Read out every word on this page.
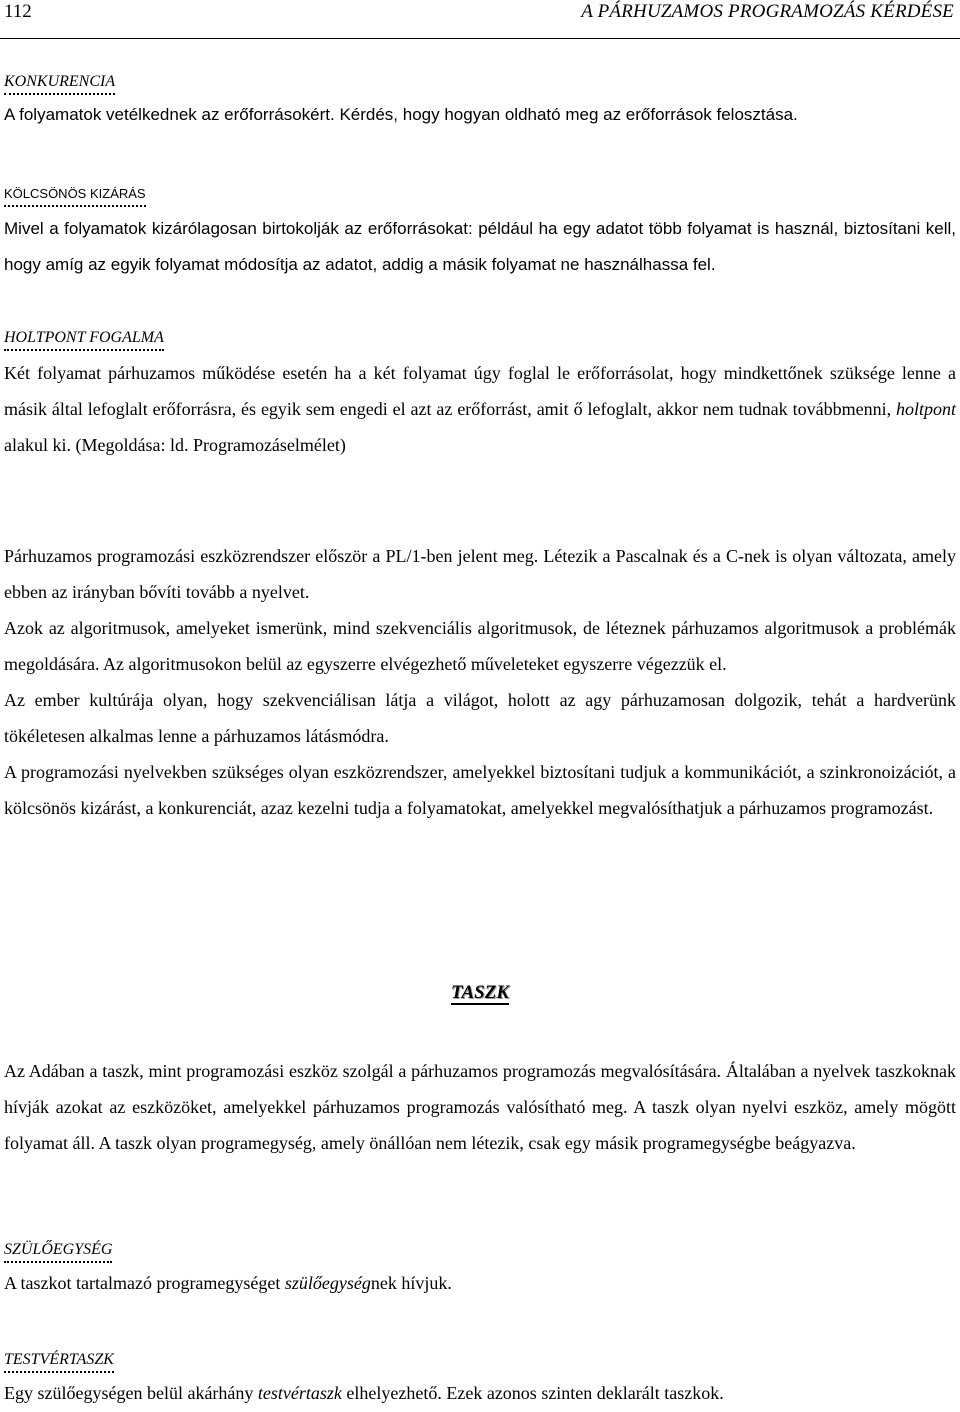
112	A PÁRHUZAMOS PROGRAMOZÁS KÉRDÉSE
KONKURENCIA

A folyamatok vetélkednek az erőforrásokért. Kérdés, hogy hogyan oldható meg az erőforrások felosztása.

KÖLCSÖNÖS KIZÁRÁS

Mivel a folyamatok kizárólagosan birtokolják az erőforrásokat: például ha egy adatot több folyamat is használ, biztosítani kell, hogy amíg az egyik folyamat módosítja az adatot, addig a másik folyamat ne használhassa fel.

HOLTPONT FOGALMA

Két folyamat párhuzamos működése esetén ha a két folyamat úgy foglal le erőforrásolat, hogy mindkettőnek szüksége lenne a másik által lefoglalt erőforrásra, és egyik sem engedi el azt az erőforrást, amit ő lefoglalt, akkor nem tudnak továbbmenni, holtpont alakul ki. (Megoldása: ld. Programozáselmélet)

Párhuzamos programozási eszközrendszer először a PL/1-ben jelent meg. Létezik a Pascalnak és a C-nek is olyan változata, amely ebben az irányban bővíti tovább a nyelvet.

Azok az algoritmusok, amelyeket ismerünk, mind szekvenciális algoritmusok, de léteznek párhuzamos algoritmusok a problémák megoldására. Az algoritmusokon belül az egyszerre elvégezhető műveleteket egyszerre végezzük el.

Az ember kultúrája olyan, hogy szekvenciálisan látja a világot, holott az agy párhuzamosan dolgozik, tehát a hardverünk tökéletesen alkalmas lenne a párhuzamos látásmódra.

A programozási nyelvekben szükséges olyan eszközrendszer, amelyekkel biztosítani tudjuk a kommunikációt, a szinkronoizációt, a kölcsönös kizárást, a konkurenciát, azaz kezelni tudja a folyamatokat, amelyekkel megvalósíthatjuk a párhuzamos programozást.

TASZK

Az Adában a taszk, mint programozási eszköz szolgál a párhuzamos programozás megvalósítására. Általában a nyelvek taszkoknak hívják azokat az eszközöket, amelyekkel párhuzamos programozás valósítható meg. A taszk olyan nyelvi eszköz, amely mögött folyamat áll. A taszk olyan programegység, amely önállóan nem létezik, csak egy másik programegységbe beágyazva.

SZÜLŐEGYSÉG

A taszkot tartalmazó programegységet szülőegységnek hívjuk.

TESTVÉRTASZK

Egy szülőegységen belül akárhány testvértaszk elhelyezhető. Ezek azonos szinten deklarált taszkok.
